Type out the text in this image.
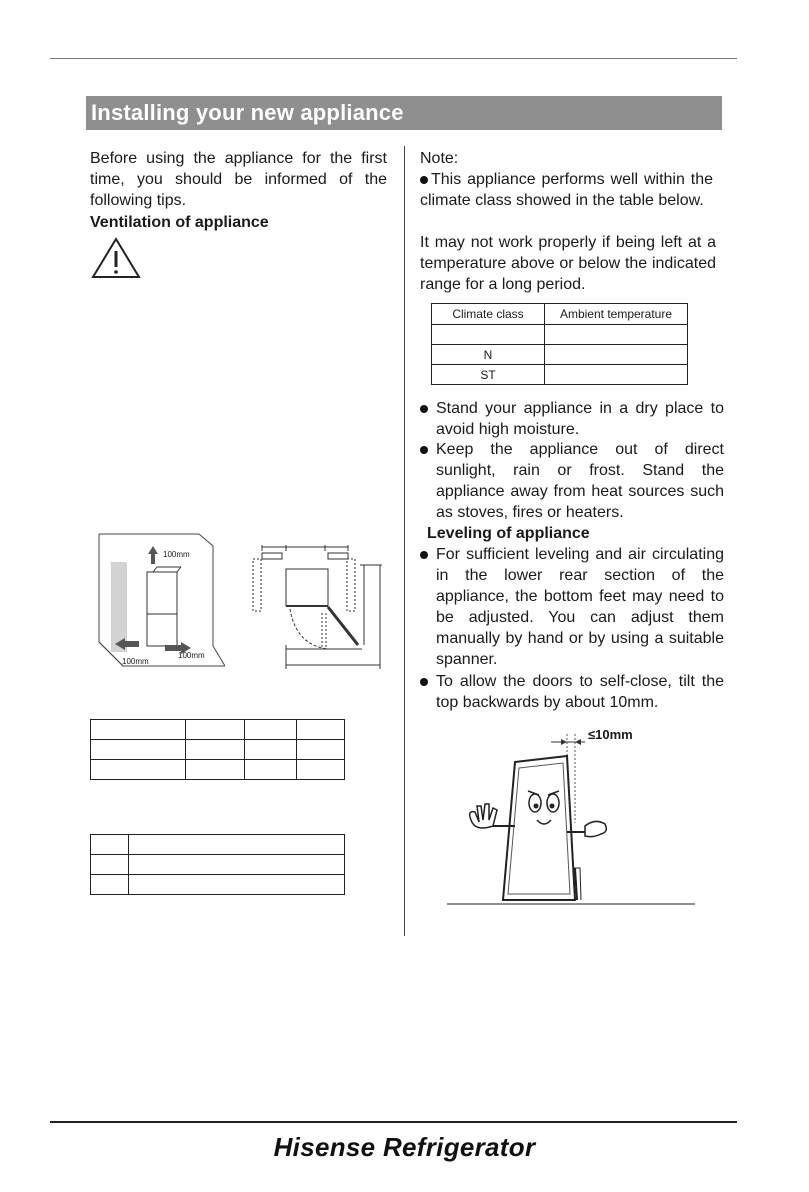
Installing your new appliance
Before using the appliance for the first time, you should be informed of the following tips.
Ventilation of appliance
100mm
100mm
100mm

Note:
This appliance performs well within the climate class showed in the table below.
It may not work properly if being left at a temperature above or below the indicated range for a long period.
Climate class	Ambient temperature

N	
ST	
Stand your appliance in a dry place to avoid high moisture.
Keep the appliance out of direct sunlight, rain or frost. Stand the appliance away from heat sources such as stoves, fires or heaters.
Leveling of appliance
For sufficient leveling and air circulating in the lower rear section of the appliance, the bottom feet may need to be adjusted. You can adjust them manually by hand or by using a suitable spanner.
To allow the doors to self-close, tilt the top backwards by about 10mm.
≤10mm
Hisense Refrigerator
